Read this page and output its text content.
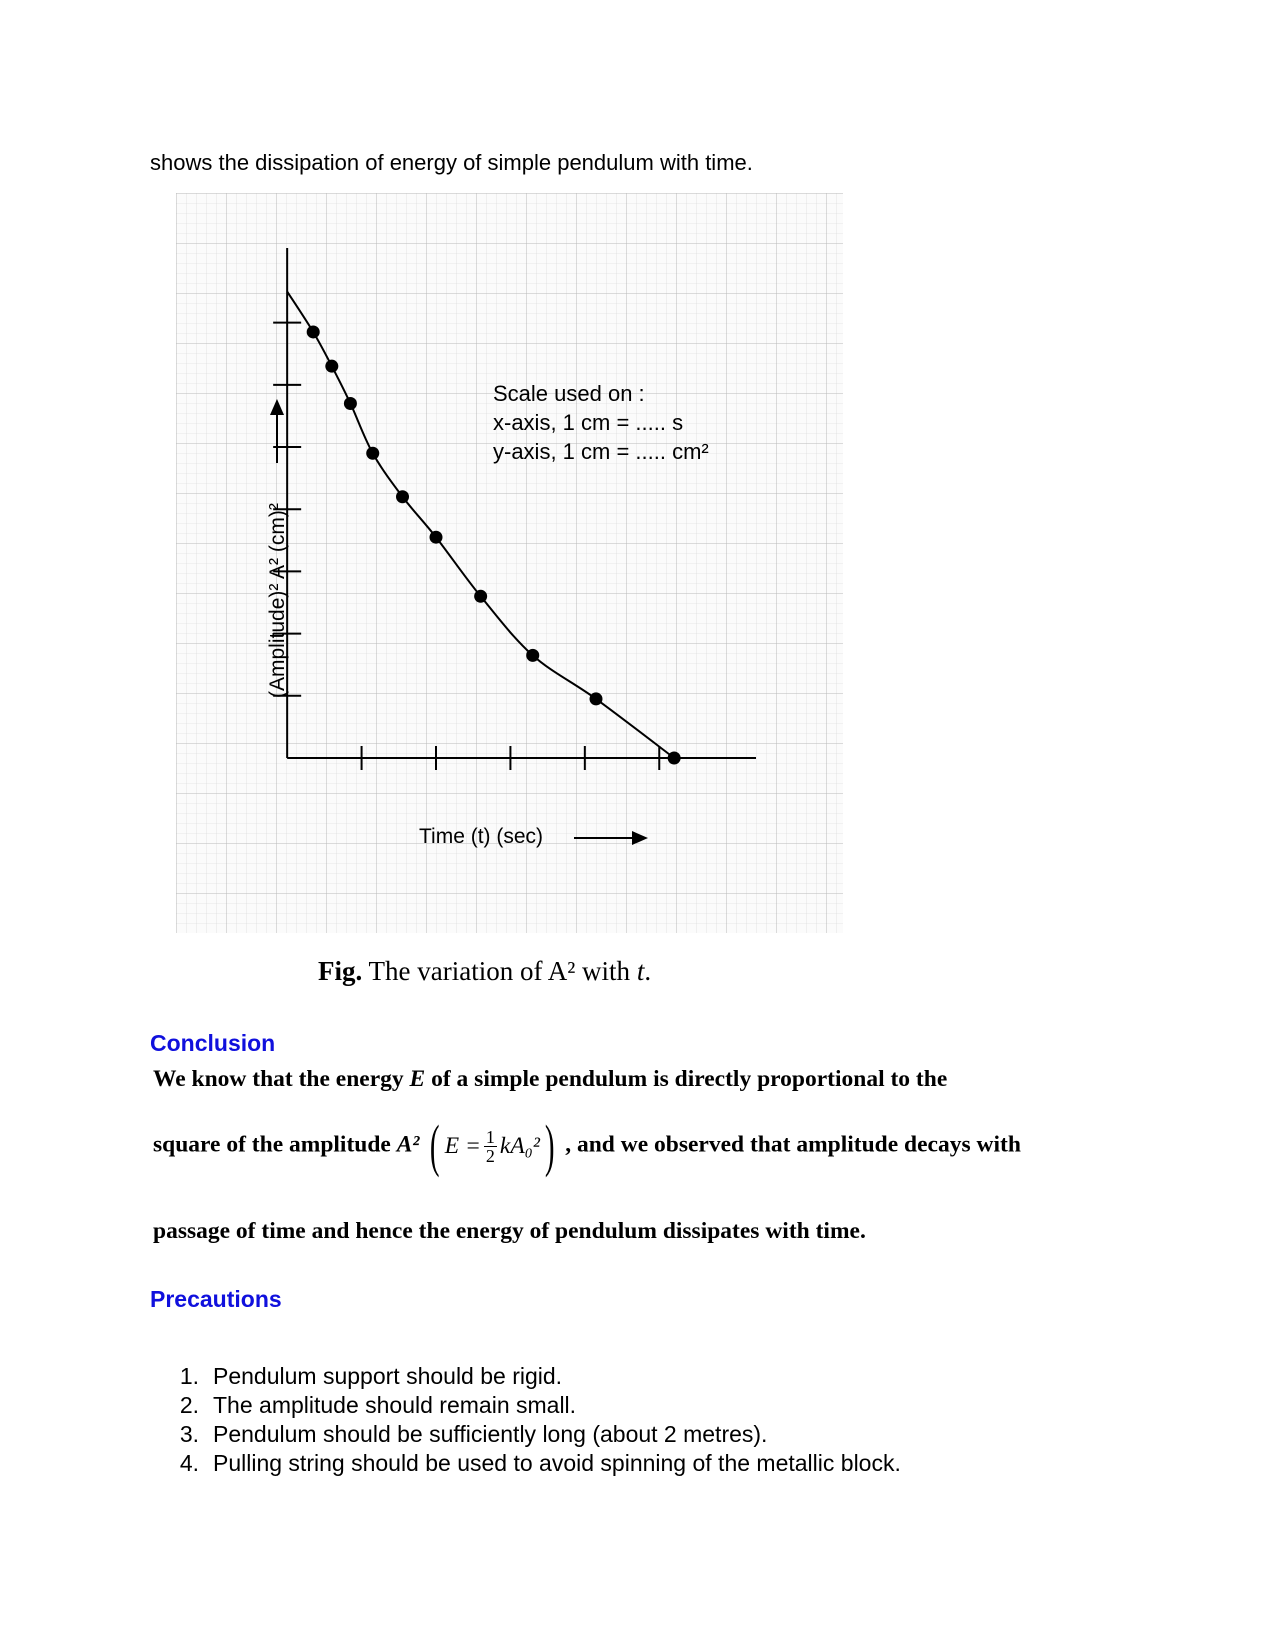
shows the dissipation of energy of simple pendulum with time.

Scale used on :
x-axis, 1 cm = ..... s
y-axis, 1 cm = ..... cm²
Time (t) (sec)
(Amplitude)² A² (cm)²

Fig. The variation of A² with t.

Conclusion

We know that the energy E of a simple pendulum is directly proportional to the

square of the amplitude A² ( $E = \frac{1}{2} kA_0^2$ ) , and we observed that amplitude decays with

passage of time and hence the energy of pendulum dissipates with time.

Precautions
1. Pendulum support should be rigid.
2. The amplitude should remain small.
3. Pendulum should be sufficiently long (about 2 metres).
4. Pulling string should be used to avoid spinning of the metallic block.
